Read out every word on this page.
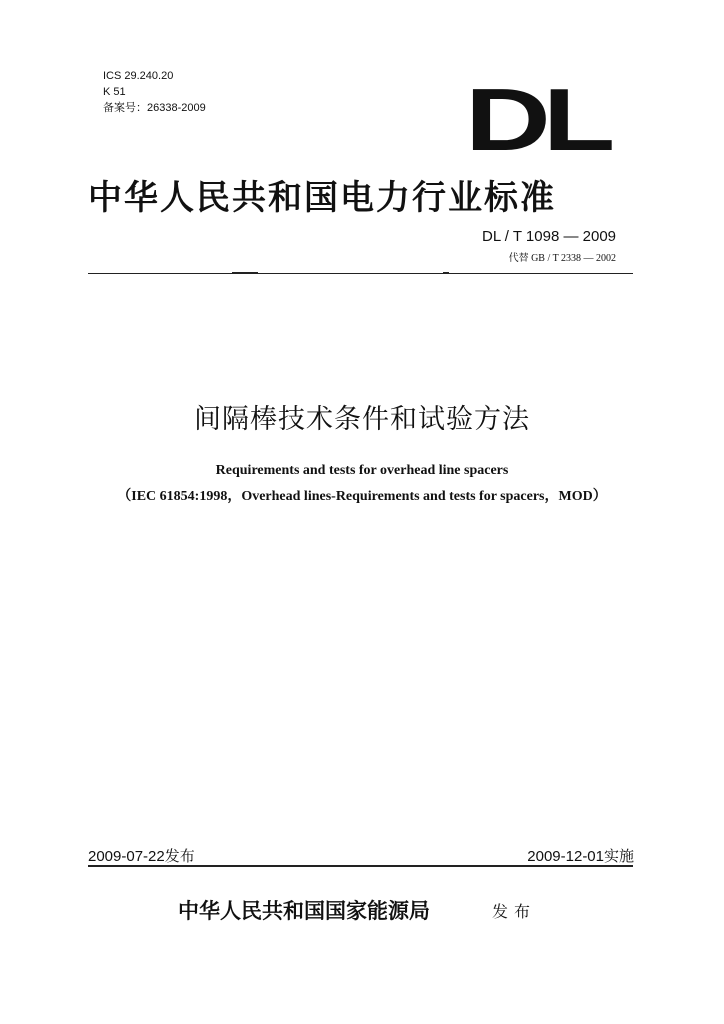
ICS 29.240.20
K 51
备案号：26338-2009	DL
中华人民共和国电力行业标准
DL / T 1098 — 2009
代替 GB / T 2338 — 2002
间隔棒技术条件和试验方法
Requirements and tests for overhead line spacers
（IEC 61854:1998，Overhead lines-Requirements and tests for spacers，MOD）
2009-07-22发布	2009-12-01实施
中华人民共和国国家能源局	发布
